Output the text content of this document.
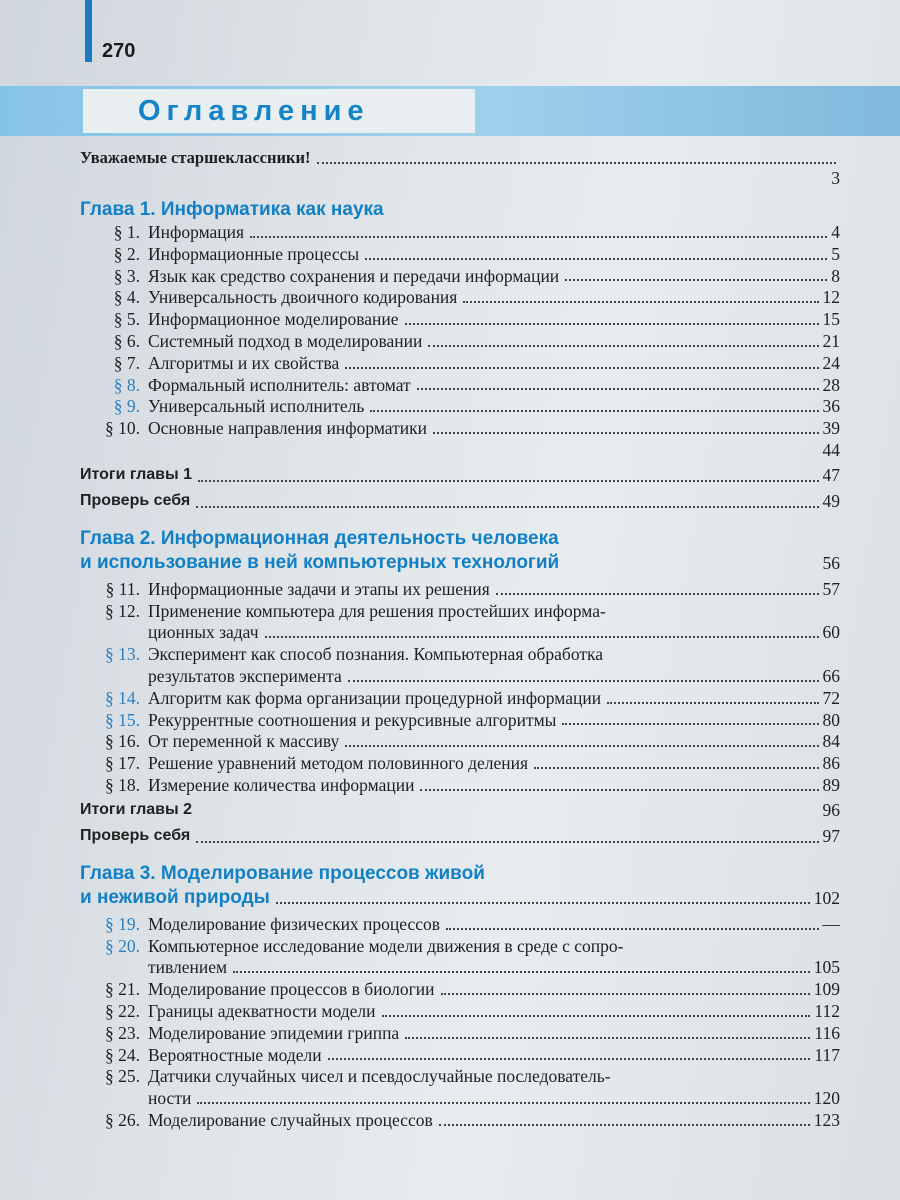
270
Оглавление
Уважаемые старшеклассники!
3
Глава 1. Информатика как наука
§ 1. Информация	4
§ 2. Информационные процессы	5
§ 3. Язык как средство сохранения и передачи информации	8
§ 4. Универсальность двоичного кодирования	12
§ 5. Информационное моделирование	15
§ 6. Системный подход в моделировании	21
§ 7. Алгоритмы и их свойства	24
§ 8. Формальный исполнитель: автомат	28
§ 9. Универсальный исполнитель	36
§ 10. Основные направления информатики	39
44
Итоги главы 1	47
Проверь себя	49
Глава 2. Информационная деятельность человека
и использование в ней компьютерных технологий	56
§ 11. Информационные задачи и этапы их решения	57
§ 12. Применение компьютера для решения простейших информа-
ционных задач	60
§ 13. Эксперимент как способ познания. Компьютерная обработка
результатов эксперимента	66
§ 14. Алгоритм как форма организации процедурной информации	72
§ 15. Рекуррентные соотношения и рекурсивные алгоритмы	80
§ 16. От переменной к массиву	84
§ 17. Решение уравнений методом половинного деления	86
§ 18. Измерение количества информации	89
Итоги главы 2	96
Проверь себя	97
Глава 3. Моделирование процессов живой
и неживой природы	102
§ 19. Моделирование физических процессов	—
§ 20. Компьютерное исследование модели движения в среде с сопро-
тивлением	105
§ 21. Моделирование процессов в биологии	109
§ 22. Границы адекватности модели	112
§ 23. Моделирование эпидемии гриппа	116
§ 24. Вероятностные модели	117
§ 25. Датчики случайных чисел и псевдослучайные последователь-
ности	120
§ 26. Моделирование случайных процессов	123
